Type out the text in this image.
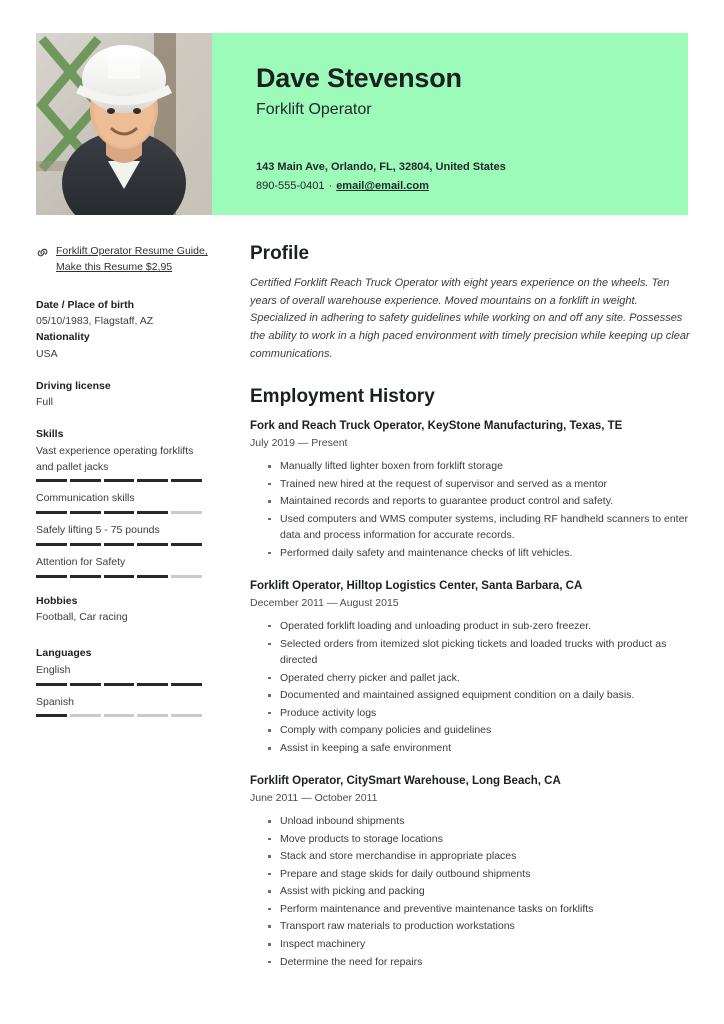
Dave Stevenson
Forklift Operator
143 Main Ave, Orlando, FL, 32804, United States
890-555-0401 · email@email.com
Forklift Operator Resume Guide,
Make this Resume $2,95
Date / Place of birth
05/10/1983, Flagstaff, AZ
Nationality
USA
Driving license
Full
Skills
Vast experience operating forklifts and pallet jacks
Communication skills
Safely lifting 5 - 75 pounds
Attention for Safety
Hobbies
Football, Car racing
Languages
English
Spanish
Profile

Certified Forklift Reach Truck Operator with eight years experience on the wheels. Ten years of overall warehouse experience. Moved mountains on a forklift in weight. Specialized in adhering to safety guidelines while working on and off any site. Possesses the ability to work in a high paced environment with timely precision while keeping up clear communications.

Employment History
Fork and Reach Truck Operator, KeyStone Manufacturing, Texas, TE
July 2019 — Present
Manually lifted lighter boxen from forklift storage
Trained new hired at the request of supervisor and served as a mentor
Maintained records and reports to guarantee product control and safety.
Used computers and WMS computer systems, including RF handheld scanners to enter data and process information for accurate records.
Performed daily safety and maintenance checks of lift vehicles.
Forklift Operator, Hilltop Logistics Center, Santa Barbara, CA
December 2011 — August 2015
Operated forklift loading and unloading product in sub-zero freezer.
Selected orders from itemized slot picking tickets and loaded trucks with product as directed
Operated cherry picker and pallet jack.
Documented and maintained assigned equipment condition on a daily basis.
Produce activity logs
Comply with company policies and guidelines
Assist in keeping a safe environment
Forklift Operator, CitySmart Warehouse, Long Beach, CA
June 2011 — October 2011
Unload inbound shipments
Move products to storage locations
Stack and store merchandise in appropriate places
Prepare and stage skids for daily outbound shipments
Assist with picking and packing
Perform maintenance and preventive maintenance tasks on forklifts
Transport raw materials to production workstations
Inspect machinery
Determine the need for repairs
